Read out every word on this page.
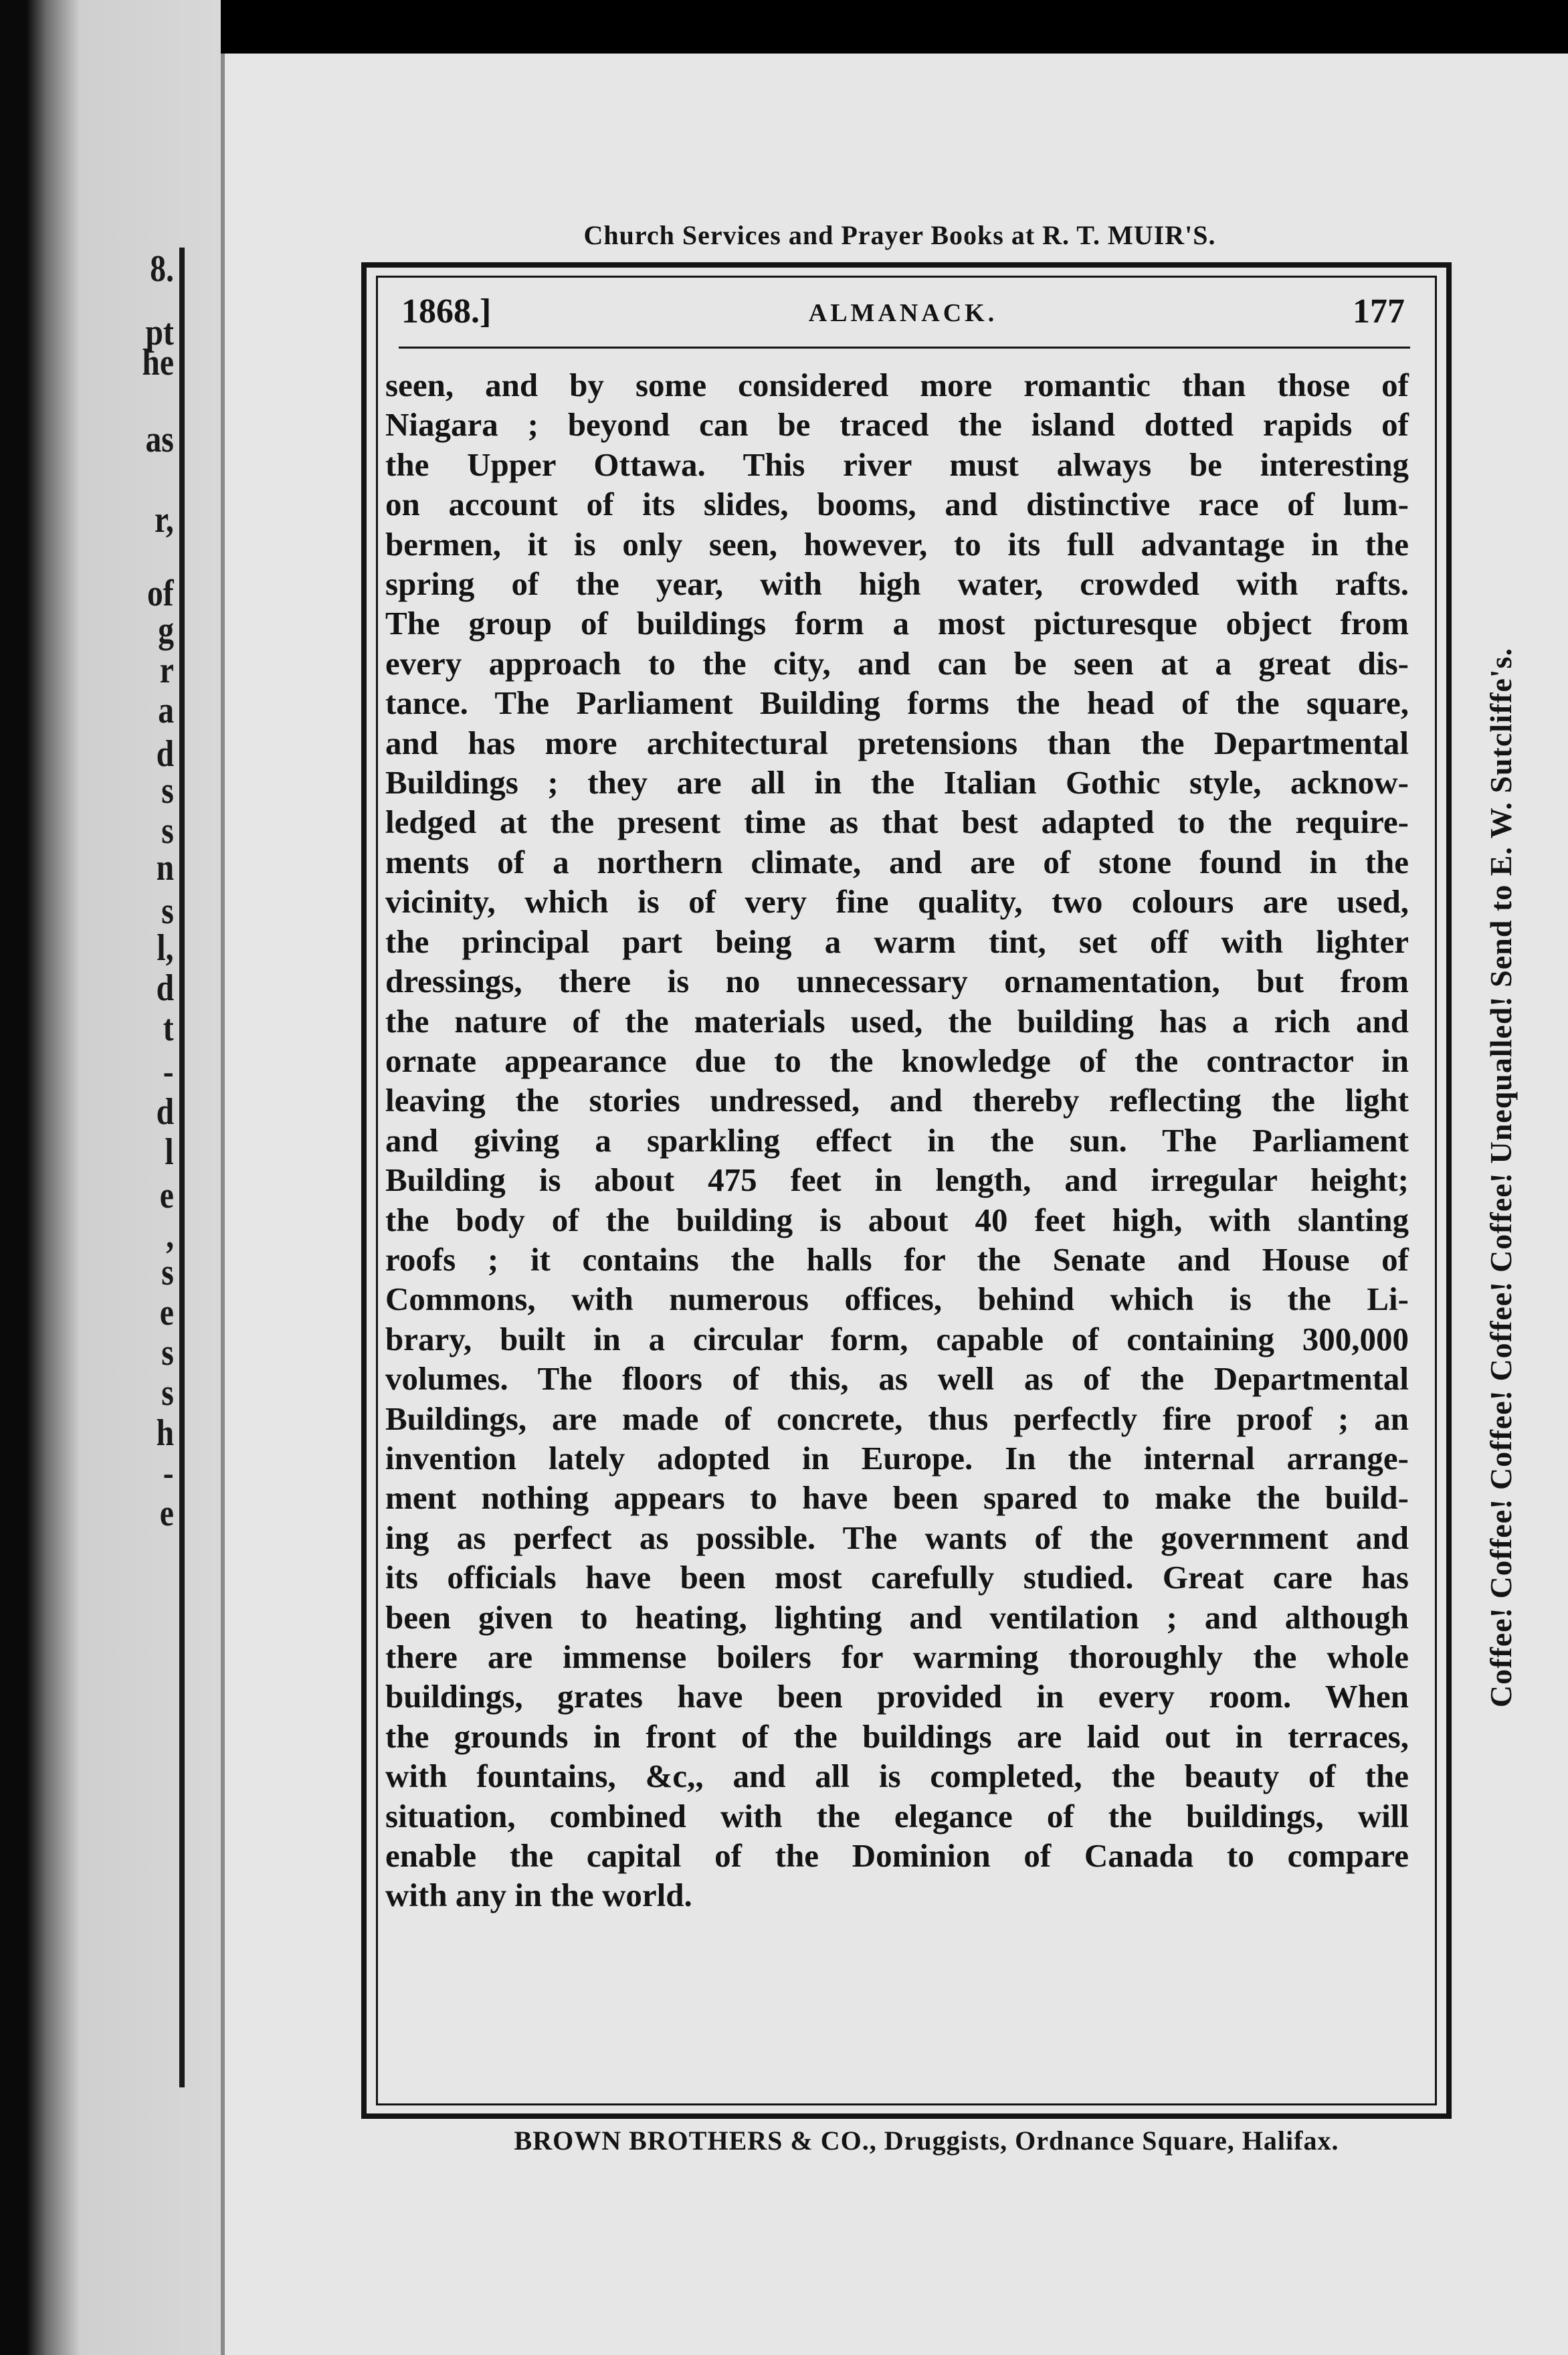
8.
pt
he
as
r,
of
g
r
a
d
s
s
n
s
l,
d
t
-
d
l
e
,
s
e
s
s
h
-
e
Church Services and Prayer Books at R. T. MUIR'S.
1868.]	ALMANACK.	177
seen, and by some considered more romantic than those of
Niagara ; beyond can be traced the island dotted rapids of
the Upper Ottawa. This river must always be interesting
on account of its slides, booms, and distinctive race of lum-
bermen, it is only seen, however, to its full advantage in the
spring of the year, with high water, crowded with rafts.
The group of buildings form a most picturesque object from
every approach to the city, and can be seen at a great dis-
tance. The Parliament Building forms the head of the square,
and has more architectural pretensions than the Departmental
Buildings ; they are all in the Italian Gothic style, acknow-
ledged at the present time as that best adapted to the require-
ments of a northern climate, and are of stone found in the
vicinity, which is of very fine quality, two colours are used,
the principal part being a warm tint, set off with lighter
dressings, there is no unnecessary ornamentation, but from
the nature of the materials used, the building has a rich and
ornate appearance due to the knowledge of the contractor in
leaving the stories undressed, and thereby reflecting the light
and giving a sparkling effect in the sun. The Parliament
Building is about 475 feet in length, and irregular height;
the body of the building is about 40 feet high, with slanting
roofs ; it contains the halls for the Senate and House of
Commons, with numerous offices, behind which is the Li-
brary, built in a circular form, capable of containing 300,000
volumes. The floors of this, as well as of the Departmental
Buildings, are made of concrete, thus perfectly fire proof ; an
invention lately adopted in Europe. In the internal arrange-
ment nothing appears to have been spared to make the build-
ing as perfect as possible. The wants of the government and
its officials have been most carefully studied. Great care has
been given to heating, lighting and ventilation ; and although
there are immense boilers for warming thoroughly the whole
buildings, grates have been provided in every room. When
the grounds in front of the buildings are laid out in terraces,
with fountains, &c,, and all is completed, the beauty of the
situation, combined with the elegance of the buildings, will
enable the capital of the Dominion of Canada to compare
with any in the world.
Coffee! Coffee! Coffee! Coffee! Coffee! Unequalled! Send to E. W. Sutcliffe's.
BROWN BROTHERS & CO., Druggists, Ordnance Square, Halifax.
